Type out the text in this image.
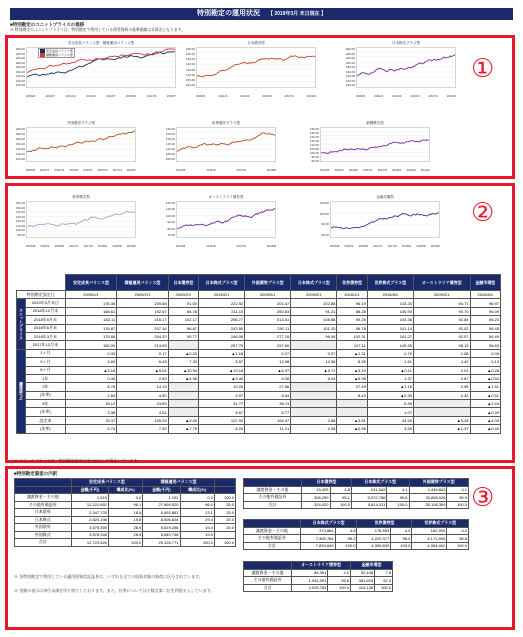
特別勘定の運用状況 【 2019年3月 末日現在 】
■特別勘定のユニットプライスの推移
※ 特別勘定のユニットプライスは、特別勘定で利用している保管資料の基準価額は未算出となります。
①
②
③
安定成長バランス型・積極運用バランス型
260.00
240.00
220.00
200.00
180.00
160.00
140.00
120.00
100.00
2009/3	2010/7	2011/11	2013/3	2014/7	2015/11	2017/3	2018/7
安定成長バランス型
積極運用バランス型
日本債券型
135.00
130.00
125.00
120.00
115.00
110.00
105.00
100.00
2009/3	2011/3	2013/3	2015/3	2017/3	2019/3
日本株式プラス型
260.00
240.00
220.00
200.00
180.00
160.00
140.00
120.00
100.00
2009/3	2011/3	2013/3	2015/3	2017/3	2019/3
外国債券プラス型
220.00
200.00
180.00
160.00
140.00
120.00
100.00
2009/3 2010/7 2011/11 2013/3 2014/7 2015/11 2017/3 2018/7
世界債券プラス型
130.00
125.00
120.00
115.00
110.00
105.00
100.00
2015/8	2016/8	2017/8	2018/8
新興株式型
130.00
125.00
120.00
115.00
110.00
105.00
100.00
95.00
90.00
2015/8 2016/2 2016/8 2017/2 2017/8 2018/2 2018/8 2019/2
世界株式型
160.00
150.00
140.00
130.00
120.00
110.00
100.00
90.00
2015/8 2016/2 2016/8 2017/2 2017/8 2018/2 2018/8 2019/2
オーストラリア債券型
120.00
110.00
100.00
90.00
80.00
70.00
2015/8	2016/8	2017/8	2018/8
金融市場型
100.50
100.00
99.50
99.00
2015/8 2016/2 2016/8 2017/2 2017/8 2018/2 2018/8 2019/2
		安定成長バランス型	積極運用バランス型	日本債券型	日本株式プラス型	外国債券プラス型	日本株式プラス型	世界債券型	世界株式プラス型	オーストラリア債券型	金融市場型
特別勘定設定日		2009/2/1	2009/2/1	2009/2/1	2018/2/1	2009/2/1	2009/2/1	2016/2/1	2015/8/1	2009/2/1	2015/8/1
ユニットプライス	2019年3月末日	176.36	209.58	91.00	222.92	204.47	102.88	96.19	143.20	94.71	96.97
	2018年12月末	168.61	192.67	84.78	211.15	260.63	91.21	88.28	140.93	90.70	96.09
	2018年9月末	182.11	216.17	102.17	256.77	314.51	108.88	99.26	143.36	92.84	96.23
	2018年6月末	176.87	207.16	96.87	243.50	291.11	101.20	96.78	141.14	92.02	96.45
	2018年3月末	175.66	204.20	95.77	246.06	277.15	96.99	102.31	141.27	92.07	96.49
	2017年12月末	182.00	213.59		257.70	297.60		107.11	145.55	98.19	96.63
騰落率(%)	1ヶ月	0.33	0.17	▲0.03	▲1.18	0.27	0.37	▲1.31	0.79	1.08	0.05
	3ヶ月	4.60	6.43	7.33	5.57	12.98	12.56	8.95	1.61	4.42	0.13
	6ヶ月	▲3.16	▲5.04	▲10.94	▲13.18	▲6.37	▲5.71	▲3.10	▲0.11	2.01	▲0.28
	1年	0.40	2.63	▲4.98	▲9.40	6.26	6.04	▲5.98	1.37	2.87	▲0.54
	3年	8.76	14.13		19.00	27.86		27.49	▲1.16	0.95	▲1.51
	(年率)	2.84	4.50		5.97	8.54		8.43	▲0.39	0.32	▲0.51
	5年	18.12	24.69		31.77	38.74			5.49		▲2.44
	(年率)	3.38	4.51		5.67	6.77			1.07		▲0.49
	設定来	76.37	105.29	▲9.00	122.92	194.47	2.88	▲3.81	43.20	▲5.28	▲4.03
	(年率)	5.74	7.32	▲7.79	8.20	11.21	2.28	▲0.98	3.59	▲1.37	▲0.40
※ ユニットプライスは、特別勘定設定日を100として算出しています。
■特別勘定資産の内訳
	安定成長バランス型		積極運用バランス型		
	金額(千円)	構成比(%)	金額(千円)	構成比(%)	
譲渡資金・その他	1,515	0.0	1,151	0.0	100.0
その他有価証券	12,221,652	96.1	27,969,520	96.0	25.0
日本債券	2,347,725	18.5	6,693,861	23.1	25.0
日本株式	2,520,196	19.8	8,506,624	29.4	20.0
外国債券	3,675,359	28.9	5,619,286	19.4	20.0
外国株式	3,678,348	28.9	5,649,748	19.5	
合計	12,723,526	100.0	29,128,771	100.0	100.0
	日本債券型		日本株式プラス型		外国債券プラス型	
譲渡資金・その他	15,425	4.8	241,542	4.1	1,446,843	4.1
その他有価証券	308,290	95.1	5,572,786	95.8	33,658,026	95.9
合計	324,020	100.0	5,814,311	100.0	35,106,369	100.0
	日本株式プラス型		世界債券型		世界株式プラス型	
譲渡資金・その他	373,864	4.8	176,853	4.0	182,900	4.2
その他有価証券	7,460,784	95.2	4,222,977	96.0	4,171,500	95.8
合計	7,834,649	100.0	4,399,830	100.0	4,354,461	100.0
	オーストラリア債券型		金融市場型	
譲渡資金・その他	84,391	4.2	32,445	7.8
その他有価証券	1,944,391	95.8	381,693	92.2
合計	2,028,783	100.0	414,138	100.0
※ 各特別勘定で利用している適用投資信託証券は、いずれも全ての投資対象の資産に区分されています。
※ 金額の表示は単位未満を切り捨てしております。また、比率については小数点第二位を四捨五入しています。
